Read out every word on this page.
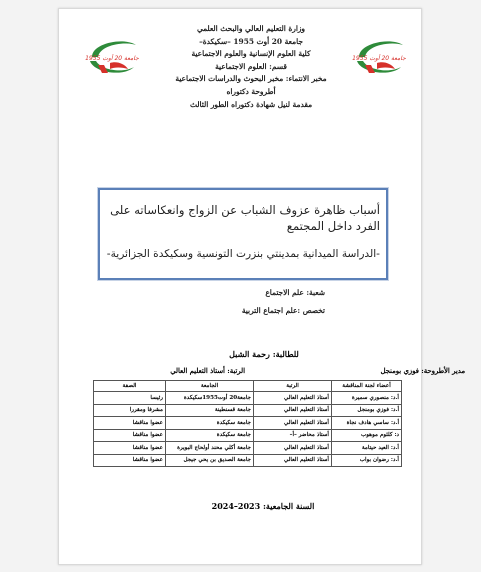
جامعة 20 أوت 1955	جامعة 20 أوت 1955
وزارة التعليم العالي والبحث العلمي
جامعة 20 أوت 1955 –سكيكدة–
كلية العلوم الإنسانية والعلوم الاجتماعية
قسم: العلوم الاجتماعية
مخبر الانتماء: مخبر البحوث والدراسات الاجتماعية
أطروحة دكتوراه
مقدمة لنيل شهادة دكتوراه الطور الثالث
أسباب ظاهرة عزوف الشباب عن الزواج وانعكاساته على
الفرد داخل المجتمع
-الدراسة الميدانية بمدينتي بنزرت التونسية وسكيكدة الجزائرية-
شعبة: علم الاجتماع
تخصص :علم اجتماع التربية
للطالبة: رحمة الشبل
مدير الأطروحة: فوزي بومنجل
الرتبة: أستاذ التعليم العالي
أعضاء لجنة المناقشة	الرتبة	الجامعة	الصفة
أ.د: منصوري سميرة	أستاذ التعليم العالي	جامعة20 أوت1955سكيكدة	رئيسا
أ.د: فوزي بومنجل	أستاذ التعليم العالي	جامعة قسنطينة	مشرفا ومقررا
أ.د: ساسي هادف نجاة	أستاذ التعليم العالي	جامعة سكيكدة	عضوا مناقشا
د: كلثوم موهوب	أستاذ محاضر –أ–	جامعة سكيكدة	عضوا مناقشا
أ.د: العيد حيتامة	أستاذ التعليم العالي	جامعة أكلي محند أولحاج البويرة	عضوا مناقشا
أ.د: رضوان بواب	أستاذ التعليم العالي	جامعة الصديق بن يحي جيجل	عضوا مناقشا
السنة الجامعية: 2023–2024
